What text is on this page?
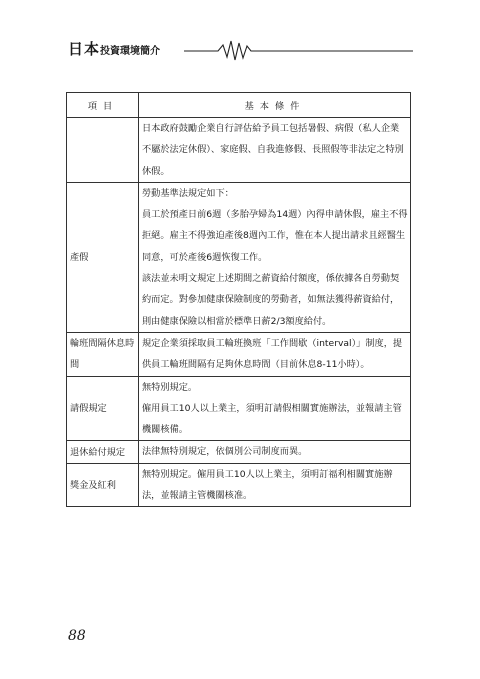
日本投資環境簡介
項目	基本條件

	日本政府鼓勵企業自行評估給予員工包括暑假、病假（私人企業不屬於法定休假）、家庭假、自我進修假、長照假等非法定之特別休假。

產假	勞動基準法規定如下：
員工於預產日前6週（多胎孕婦為14週）內得申請休假，雇主不得拒絕。雇主不得強迫產後8週內工作，惟在本人提出請求且經醫生同意，可於產後6週恢復工作。
該法並未明文規定上述期間之薪資給付額度，係依據各自勞動契約而定。對參加健康保險制度的勞動者，如無法獲得薪資給付，則由健康保險以相當於標準日薪2/3額度給付。

輪班間隔休息時間	規定企業須採取員工輪班換班「工作間歇（interval）」制度，提供員工輪班間隔有足夠休息時間（目前休息8-11小時）。

請假規定	無特別規定。
僱用員工10人以上業主，須明訂請假相關實施辦法，並報請主管機關核備。

退休給付規定	法律無特別規定，依個別公司制度而異。

獎金及紅利	無特別規定。僱用員工10人以上業主，須明訂福利相關實施辦法，並報請主管機關核准。
88
